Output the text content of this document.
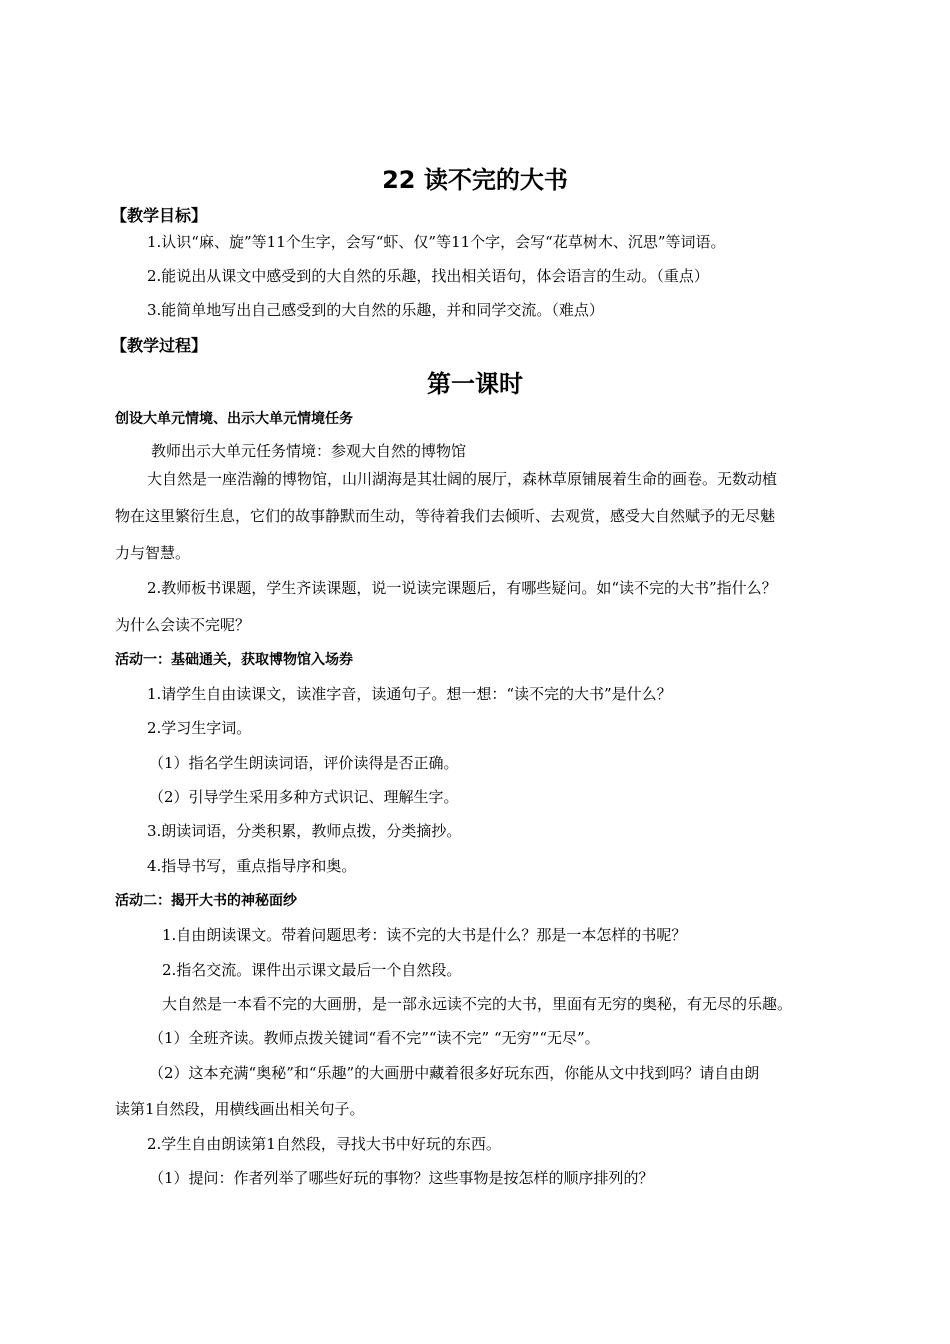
22 读不完的大书
【教学目标】

1.认识“麻、旋”等11个生字，会写“虾、仅”等11个字，会写“花草树木、沉思”等词语。

2.能说出从课文中感受到的大自然的乐趣，找出相关语句，体会语言的生动。（重点）

3.能简单地写出自己感受到的大自然的乐趣，并和同学交流。（难点）

【教学过程】
第一课时
创设大单元情境、出示大单元情境任务

教师出示大单元任务情境：参观大自然的博物馆

大自然是一座浩瀚的博物馆，山川湖海是其壮阔的展厅，森林草原铺展着生命的画卷。无数动植

物在这里繁衍生息，它们的故事静默而生动，等待着我们去倾听、去观赏，感受大自然赋予的无尽魅

力与智慧。

2.教师板书课题，学生齐读课题，说一说读完课题后，有哪些疑问。如“读不完的大书”指什么？

为什么会读不完呢？

活动一：基础通关，获取博物馆入场券

1.请学生自由读课文，读准字音，读通句子。想一想：“读不完的大书”是什么？

2.学习生字词。

（1）指名学生朗读词语，评价读得是否正确。

（2）引导学生采用多种方式识记、理解生字。

3.朗读词语，分类积累，教师点拨，分类摘抄。

4.指导书写，重点指导序和奥。

活动二：揭开大书的神秘面纱

1.自由朗读课文。带着问题思考：读不完的大书是什么？那是一本怎样的书呢？

2.指名交流。课件出示课文最后一个自然段。

大自然是一本看不完的大画册，是一部永远读不完的大书，里面有无穷的奥秘，有无尽的乐趣。

（1）全班齐读。教师点拨关键词“看不完”“读不完” “无穷”“无尽”。

（2）这本充满“奥秘”和“乐趣”的大画册中藏着很多好玩东西，你能从文中找到吗？请自由朗

读第1自然段，用横线画出相关句子。

2.学生自由朗读第1自然段，寻找大书中好玩的东西。

（1）提问：作者列举了哪些好玩的事物？这些事物是按怎样的顺序排列的？
